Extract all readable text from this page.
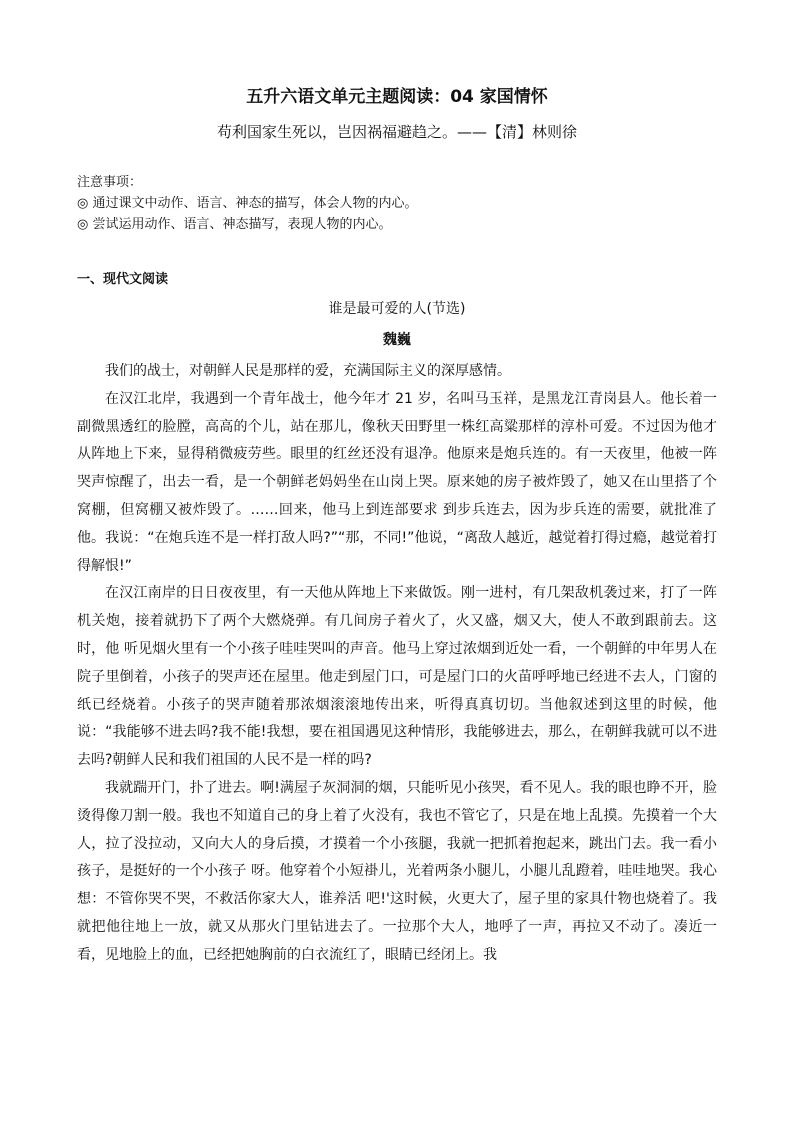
五升六语文单元主题阅读：04 家国情怀

苟利国家生死以，岂因祸福避趋之。——【清】林则徐

注意事项：
◎ 通过课文中动作、语言、神态的描写，体会人物的内心。
◎ 尝试运用动作、语言、神态描写，表现人物的内心。
一、现代文阅读
谁是最可爱的人(节选)
魏巍

我们的战士，对朝鲜人民是那样的爱，充满国际主义的深厚感情。

在汉江北岸，我遇到一个青年战士，他今年才 21 岁，名叫马玉祥，是黑龙江青岗县人。他长着一副微黑透红的脸膛，高高的个儿，站在那儿，像秋天田野里一株红高粱那样的淳朴可爱。不过因为他才从阵地上下来，显得稍微疲劳些。眼里的红丝还没有退净。他原来是炮兵连的。有一天夜里，他被一阵哭声惊醒了，出去一看，是一个朝鲜老妈妈坐在山岗上哭。原来她的房子被炸毁了，她又在山里搭了个窝棚，但窝棚又被炸毁了。……回来，他马上到连部要求 到步兵连去，因为步兵连的需要，就批准了他。我说：“在炮兵连不是一样打敌人吗?”“那，不同!”他说，“离敌人越近，越觉着打得过瘾，越觉着打得解恨!”

在汉江南岸的日日夜夜里，有一天他从阵地上下来做饭。刚一进村，有几架敌机袭过来，打了一阵机关炮，接着就扔下了两个大燃烧弹。有几间房子着火了，火又盛，烟又大，使人不敢到跟前去。这时，他 听见烟火里有一个小孩子哇哇哭叫的声音。他马上穿过浓烟到近处一看，一个朝鲜的中年男人在院子里倒着，小孩子的哭声还在屋里。他走到屋门口，可是屋门口的火苗呼呼地已经进不去人，门窗的纸已经烧着。小孩子的哭声随着那浓烟滚滚地传出来，听得真真切切。当他叙述到这里的时候，他说：“我能够不进去吗?我不能!我想，要在祖国遇见这种情形，我能够进去，那么，在朝鲜我就可以不进去吗?朝鲜人民和我们祖国的人民不是一样的吗?

我就踹开门，扑了进去。啊!满屋子灰洞洞的烟，只能听见小孩哭，看不见人。我的眼也睁不开，脸烫得像刀割一般。我也不知道自己的身上着了火没有，我也不管它了，只是在地上乱摸。先摸着一个大人，拉了没拉动，又向大人的身后摸，才摸着一个小孩腿，我就一把抓着抱起来，跳出门去。我一看小孩子，是挺好的一个小孩子 呀。他穿着个小短褂儿，光着两条小腿儿，小腿儿乱蹬着，哇哇地哭。我心想：不管你哭不哭，不救活你家大人，谁养活 吧!'这时候，火更大了，屋子里的家具什物也烧着了。我就把他往地上一放，就又从那火门里钻进去了。一拉那个大人，地呼了一声，再拉又不动了。凑近一看，见地脸上的血，已经把她胸前的白衣流红了，眼睛已经闭上。我
